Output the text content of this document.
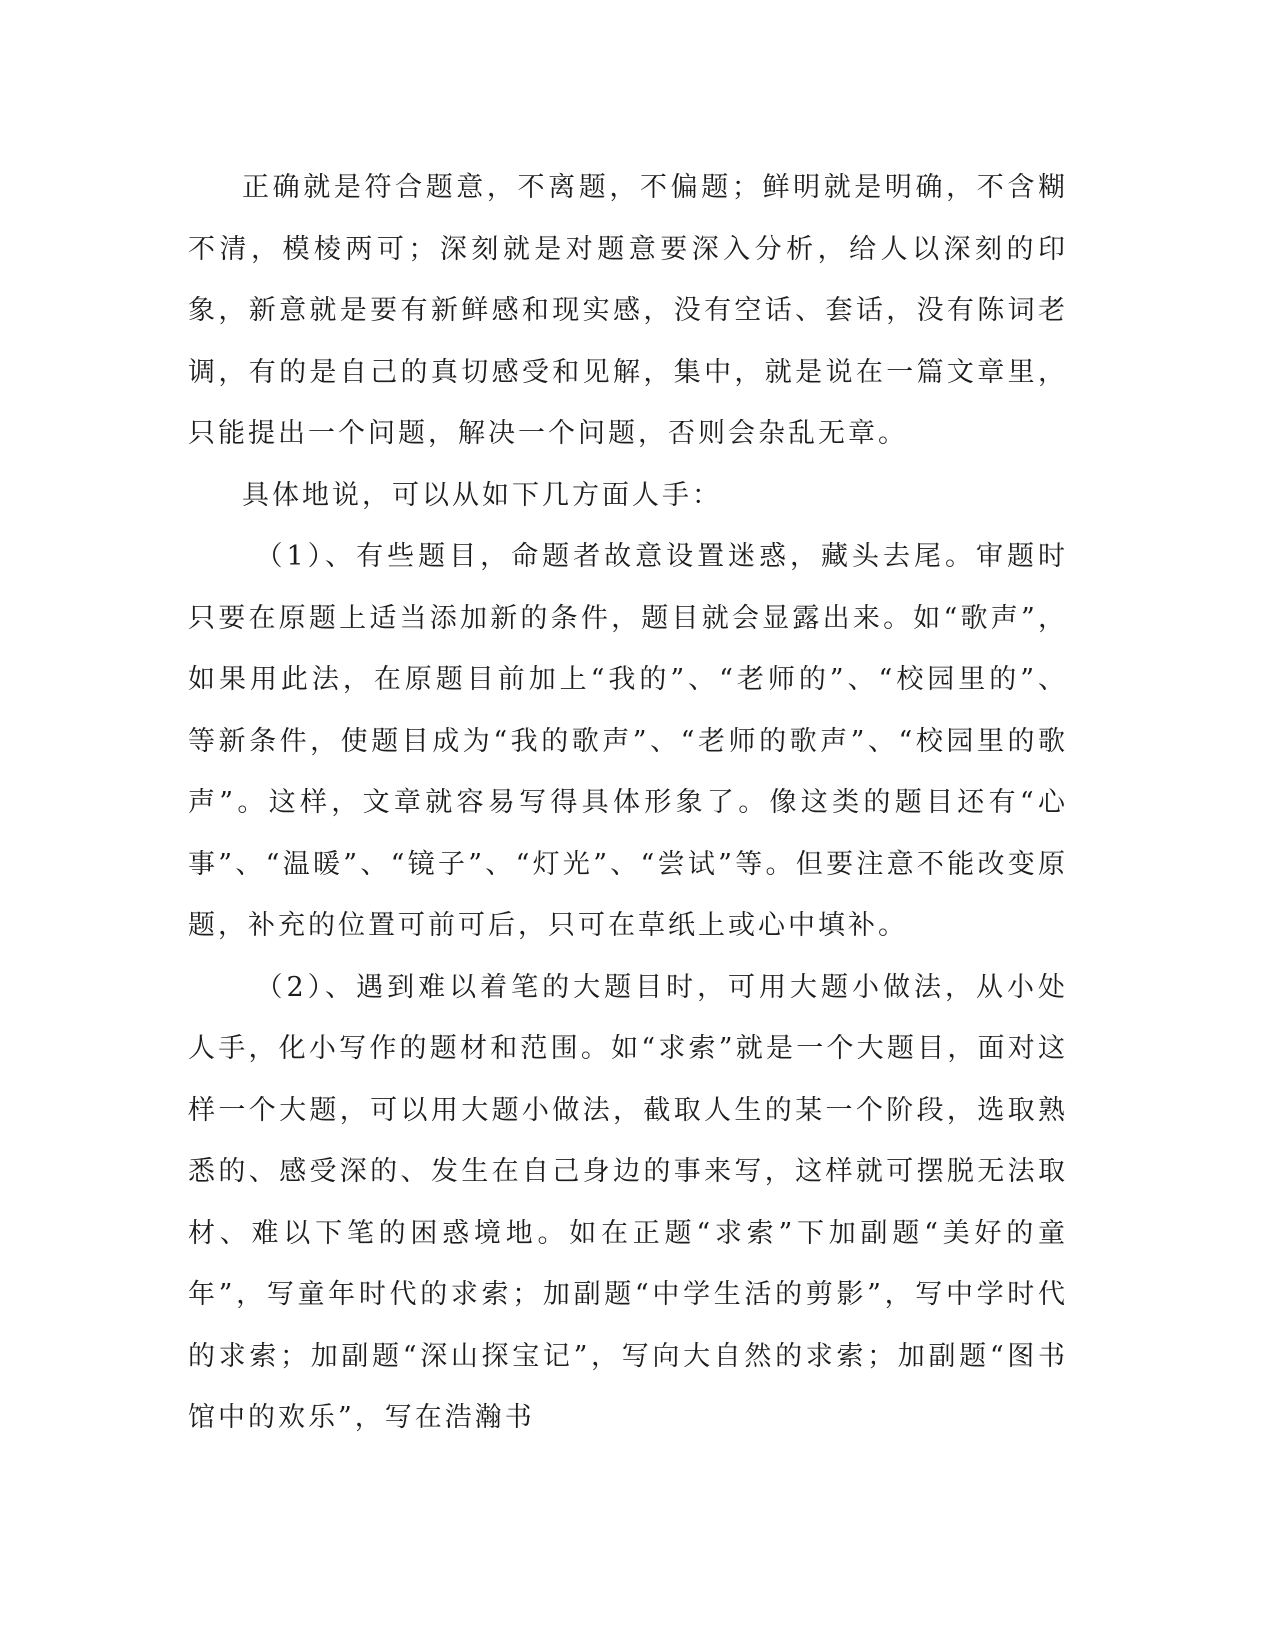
正确就是符合题意，不离题，不偏题；鲜明就是明确，不含糊不清，模棱两可；深刻就是对题意要深入分析，给人以深刻的印象，新意就是要有新鲜感和现实感，没有空话、套话，没有陈词老调，有的是自己的真切感受和见解，集中，就是说在一篇文章里，只能提出一个问题，解决一个问题，否则会杂乱无章。

具体地说，可以从如下几方面人手：

（1）、有些题目，命题者故意设置迷惑，藏头去尾。审题时只要在原题上适当添加新的条件，题目就会显露出来。如“歌声”，如果用此法，在原题目前加上“我的”、“老师的”、“校园里的”、等新条件，使题目成为“我的歌声”、“老师的歌声”、“校园里的歌声”。这样，文章就容易写得具体形象了。像这类的题目还有“心事”、“温暖”、“镜子”、“灯光”、“尝试”等。但要注意不能改变原题，补充的位置可前可后，只可在草纸上或心中填补。

（2）、遇到难以着笔的大题目时，可用大题小做法，从小处人手，化小写作的题材和范围。如“求索”就是一个大题目，面对这样一个大题，可以用大题小做法，截取人生的某一个阶段，选取熟悉的、感受深的、发生在自己身边的事来写，这样就可摆脱无法取材、难以下笔的困惑境地。如在正题“求索”下加副题“美好的童年”，写童年时代的求索；加副题“中学生活的剪影”，写中学时代的求索；加副题“深山探宝记”，写向大自然的求索；加副题“图书馆中的欢乐”，写在浩瀚书
